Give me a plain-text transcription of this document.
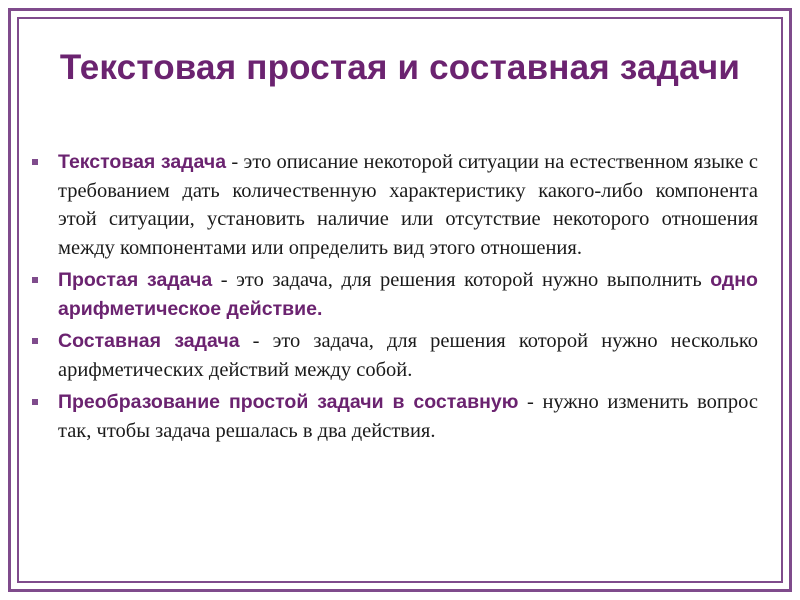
Текстовая простая и составная задачи
Текстовая задача - это описание некоторой ситуации на естественном языке с требованием дать количественную характеристику какого-либо компонента этой ситуации, установить наличие или отсутствие некоторого отношения между компонентами или определить вид этого отношения.
Простая задача - это задача, для решения которой нужно выполнить одно арифметическое действие.
Составная задача - это задача, для решения которой нужно несколько арифметических действий между собой.
Преобразование простой задачи в составную - нужно изменить вопрос так, чтобы задача решалась в два действия.
